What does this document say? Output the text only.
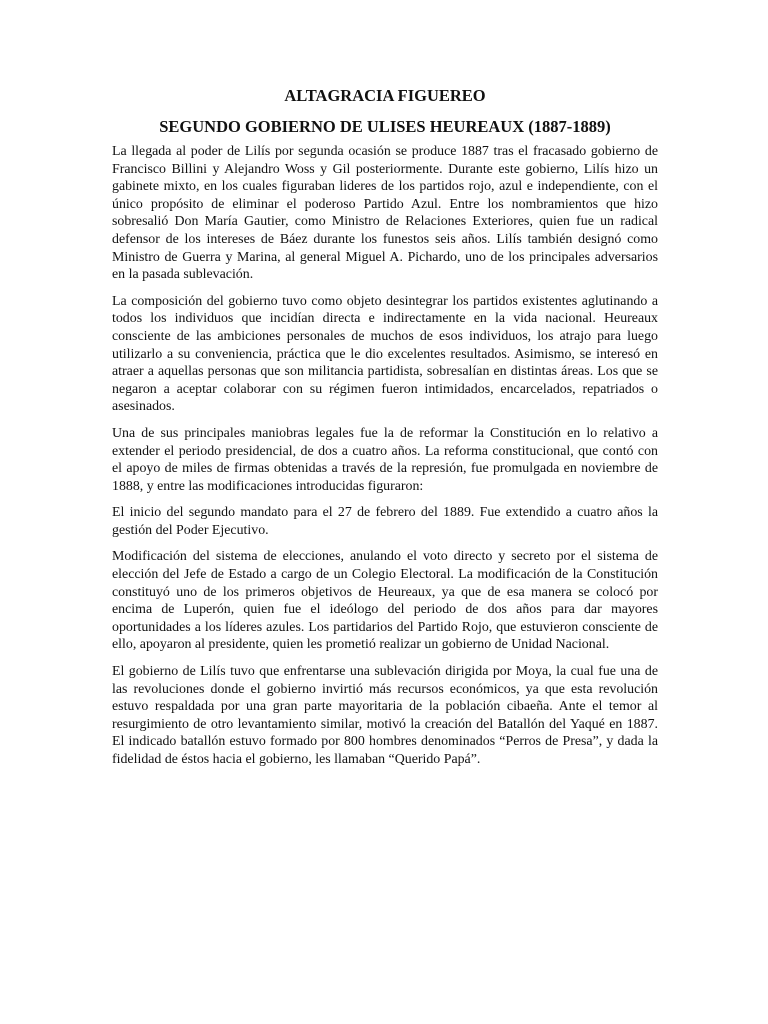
ALTAGRACIA FIGUEREO
SEGUNDO GOBIERNO DE ULISES HEUREAUX (1887-1889)

La llegada al poder de Lilís por segunda ocasión se produce 1887 tras el fracasado gobierno de Francisco Billini y Alejandro Woss y Gil posteriormente. Durante este gobierno, Lilís hizo un gabinete mixto, en los cuales figuraban lideres de los partidos rojo, azul e independiente, con el único propósito de eliminar el poderoso Partido Azul. Entre los nombramientos que hizo sobresalió Don María Gautier, como Ministro de Relaciones Exteriores, quien fue un radical defensor de los intereses de Báez durante los funestos seis años. Lilís también designó como Ministro de Guerra y Marina, al general Miguel A. Pichardo, uno de los principales adversarios en la pasada sublevación.

La composición del gobierno tuvo como objeto desintegrar los partidos existentes aglutinando a todos los individuos que incidían directa e indirectamente en la vida nacional. Heureaux consciente de las ambiciones personales de muchos de esos individuos, los atrajo para luego utilizarlo a su conveniencia, práctica que le dio excelentes resultados. Asimismo, se interesó en atraer a aquellas personas que son militancia partidista, sobresalían en distintas áreas. Los que se negaron a aceptar colaborar con su régimen fueron intimidados, encarcelados, repatriados o asesinados.

Una de sus principales maniobras legales fue la de reformar la Constitución en lo relativo a extender el periodo presidencial, de dos a cuatro años. La reforma constitucional, que contó con el apoyo de miles de firmas obtenidas a través de la represión, fue promulgada en noviembre de 1888, y entre las modificaciones introducidas figuraron:

El inicio del segundo mandato para el 27 de febrero del 1889. Fue extendido a cuatro años la gestión del Poder Ejecutivo.

Modificación del sistema de elecciones, anulando el voto directo y secreto por el sistema de elección del Jefe de Estado a cargo de un Colegio Electoral. La modificación de la Constitución constituyó uno de los primeros objetivos de Heureaux, ya que de esa manera se colocó por encima de Luperón, quien fue el ideólogo del periodo de dos años para dar mayores oportunidades a los líderes azules. Los partidarios del Partido Rojo, que estuvieron consciente de ello, apoyaron al presidente, quien les prometió realizar un gobierno de Unidad Nacional.

El gobierno de Lilís tuvo que enfrentarse una sublevación dirigida por Moya, la cual fue una de las revoluciones donde el gobierno invirtió más recursos económicos, ya que esta revolución estuvo respaldada por una gran parte mayoritaria de la población cibaeña. Ante el temor al resurgimiento de otro levantamiento similar, motivó la creación del Batallón del Yaqué en 1887. El indicado batallón estuvo formado por 800 hombres denominados “Perros de Presa”, y dada la fidelidad de éstos hacia el gobierno, les llamaban “Querido Papá”.
